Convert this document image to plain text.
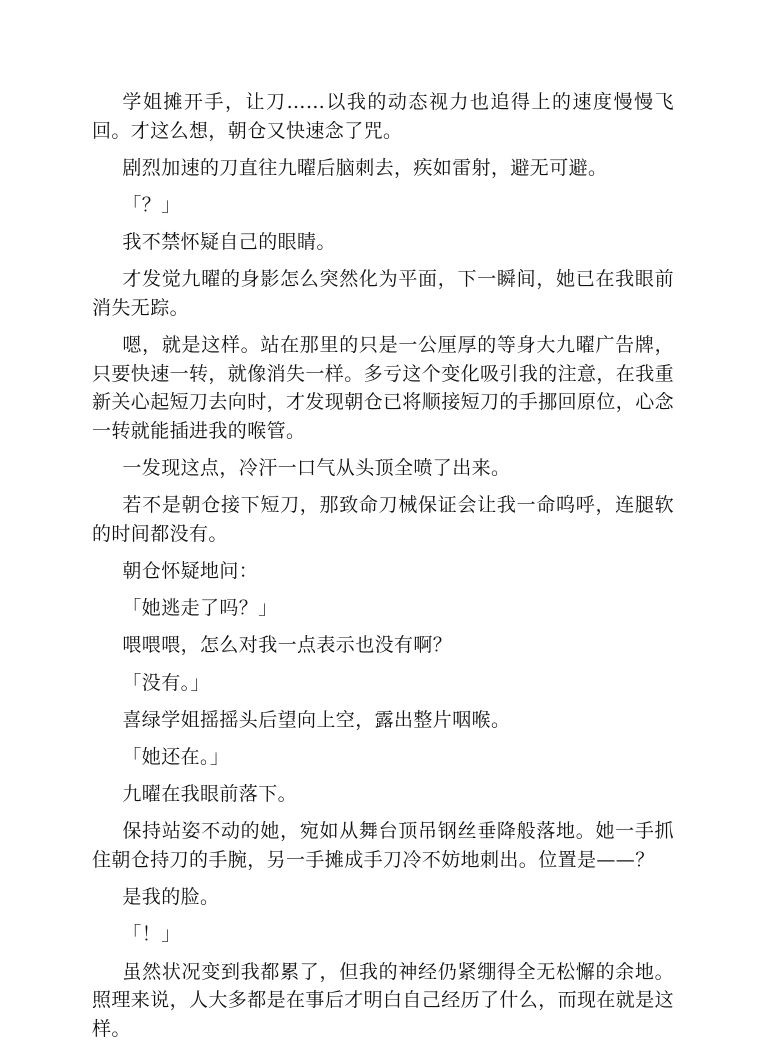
学姐摊开手，让刀……以我的动态视力也追得上的速度慢慢飞回。才这么想，朝仓又快速念了咒。

剧烈加速的刀直往九曜后脑刺去，疾如雷射，避无可避。

「？」

我不禁怀疑自己的眼睛。

才发觉九曜的身影怎么突然化为平面，下一瞬间，她已在我眼前消失无踪。

嗯，就是这样。站在那里的只是一公厘厚的等身大九曜广告牌，只要快速一转，就像消失一样。多亏这个变化吸引我的注意，在我重新关心起短刀去向时，才发现朝仓已将顺接短刀的手挪回原位，心念一转就能插进我的喉管。

一发现这点，冷汗一口气从头顶全喷了出来。

若不是朝仓接下短刀，那致命刀械保证会让我一命呜呼，连腿软的时间都没有。

朝仓怀疑地问：

「她逃走了吗？」

喂喂喂，怎么对我一点表示也没有啊？

「没有。」

喜绿学姐摇摇头后望向上空，露出整片咽喉。

「她还在。」

九曜在我眼前落下。

保持站姿不动的她，宛如从舞台顶吊钢丝垂降般落地。她一手抓住朝仓持刀的手腕，另一手摊成手刀冷不妨地刺出。位置是——？

是我的脸。

「！」

虽然状况变到我都累了，但我的神经仍紧绷得全无松懈的余地。照理来说，人大多都是在事后才明白自己经历了什么，而现在就是这样。
